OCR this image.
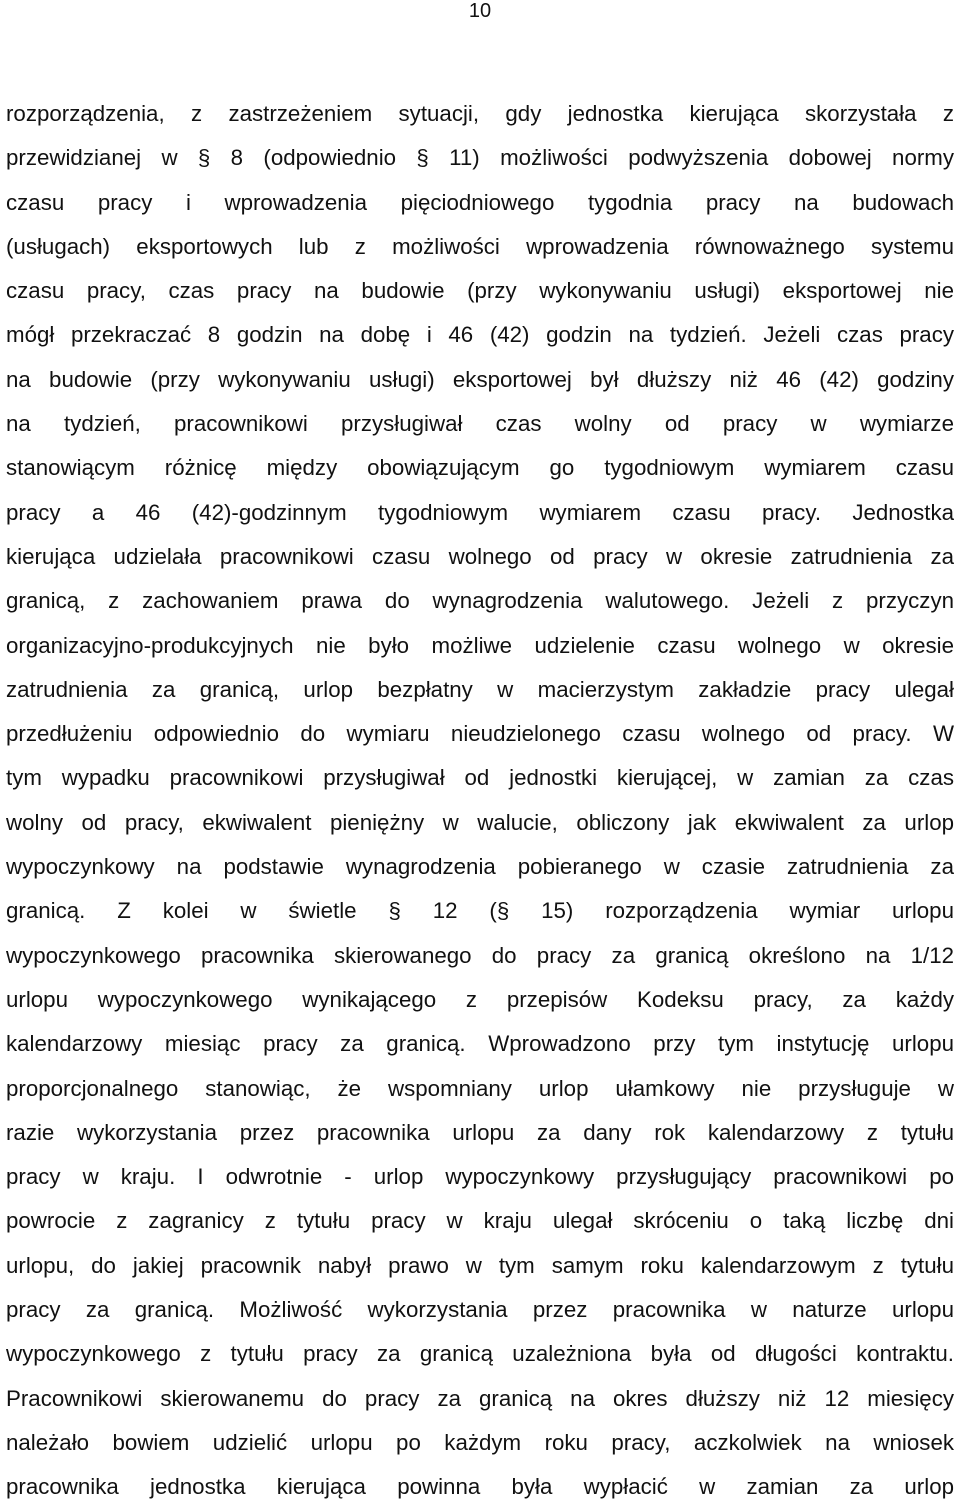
10
rozporządzenia, z zastrzeżeniem sytuacji, gdy jednostka kierująca skorzystała z
przewidzianej w § 8 (odpowiednio § 11) możliwości podwyższenia dobowej normy
czasu pracy i wprowadzenia pięciodniowego tygodnia pracy na budowach
(usługach) eksportowych lub z możliwości wprowadzenia równoważnego systemu
czasu pracy, czas pracy na budowie (przy wykonywaniu usługi) eksportowej nie
mógł przekraczać 8 godzin na dobę i 46 (42) godzin na tydzień. Jeżeli czas pracy
na budowie (przy wykonywaniu usługi) eksportowej był dłuższy niż 46 (42) godziny
na tydzień, pracownikowi przysługiwał czas wolny od pracy w wymiarze
stanowiącym różnicę między obowiązującym go tygodniowym wymiarem czasu
pracy a 46 (42)-godzinnym tygodniowym wymiarem czasu pracy. Jednostka
kierująca udzielała pracownikowi czasu wolnego od pracy w okresie zatrudnienia za
granicą, z zachowaniem prawa do wynagrodzenia walutowego. Jeżeli z przyczyn
organizacyjno-produkcyjnych nie było możliwe udzielenie czasu wolnego w okresie
zatrudnienia za granicą, urlop bezpłatny w macierzystym zakładzie pracy ulegał
przedłużeniu odpowiednio do wymiaru nieudzielonego czasu wolnego od pracy. W
tym wypadku pracownikowi przysługiwał od jednostki kierującej, w zamian za czas
wolny od pracy, ekwiwalent pieniężny w walucie, obliczony jak ekwiwalent za urlop
wypoczynkowy na podstawie wynagrodzenia pobieranego w czasie zatrudnienia za
granicą. Z kolei w świetle § 12 (§ 15) rozporządzenia wymiar urlopu
wypoczynkowego pracownika skierowanego do pracy za granicą określono na 1/12
urlopu wypoczynkowego wynikającego z przepisów Kodeksu pracy, za każdy
kalendarzowy miesiąc pracy za granicą. Wprowadzono przy tym instytucję urlopu
proporcjonalnego stanowiąc, że wspomniany urlop ułamkowy nie przysługuje w
razie wykorzystania przez pracownika urlopu za dany rok kalendarzowy z tytułu
pracy w kraju. I odwrotnie - urlop wypoczynkowy przysługujący pracownikowi po
powrocie z zagranicy z tytułu pracy w kraju ulegał skróceniu o taką liczbę dni
urlopu, do jakiej pracownik nabył prawo w tym samym roku kalendarzowym z tytułu
pracy za granicą. Możliwość wykorzystania przez pracownika w naturze urlopu
wypoczynkowego z tytułu pracy za granicą uzależniona była od długości kontraktu.
Pracownikowi skierowanemu do pracy za granicą na okres dłuższy niż 12 miesięcy
należało bowiem udzielić urlopu po każdym roku pracy, aczkolwiek na wniosek
pracownika jednostka kierująca powinna była wypłacić w zamian za urlop
